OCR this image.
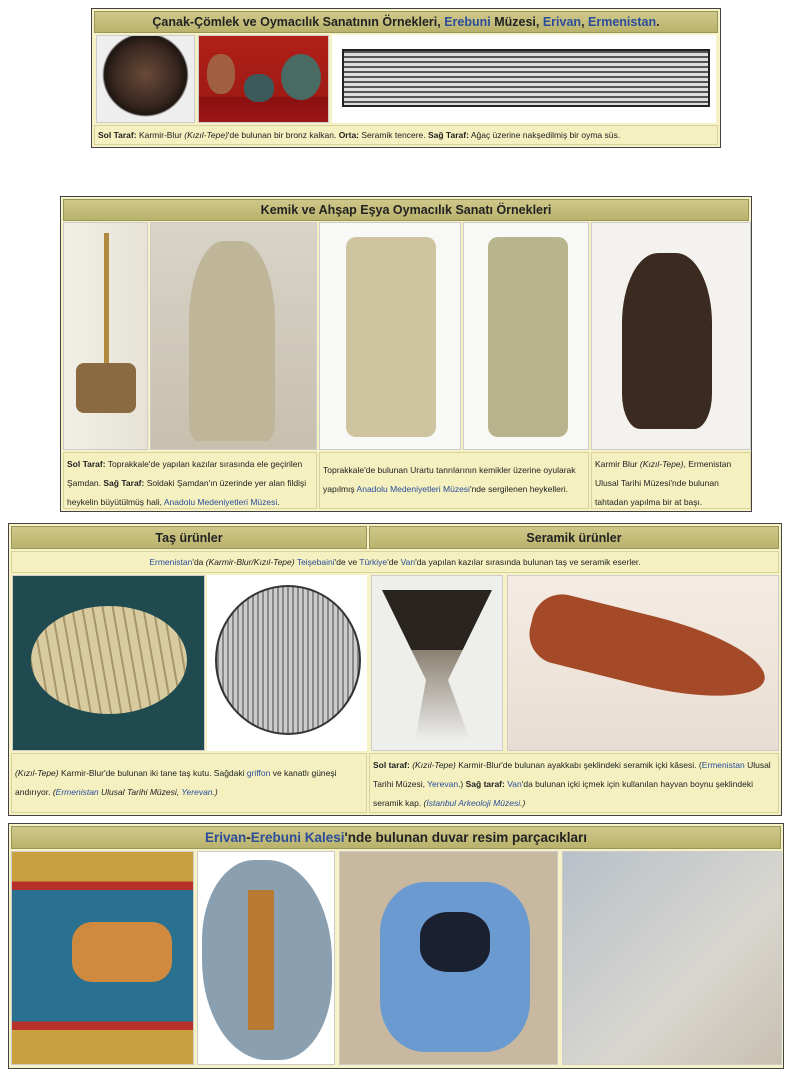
Çanak-Çömlek ve Oymacılık Sanatının Örnekleri, Erebuni Müzesi, Erivan, Ermenistan.
Sol Taraf: Karmir-Blur (Kızıl-Tepe)'de bulunan bir bronz kalkan. Orta: Seramik tencere. Sağ Taraf: Ağaç üzerine nakşedilmiş bir oyma süs.
Kemik ve Ahşap Eşya Oymacılık Sanatı Örnekleri
Sol Taraf: Toprakkale'de yapılan kazılar sırasında ele geçirilen Şamdan. Sağ Taraf: Soldaki Şamdan'ın üzerinde yer alan fildişi heykelin büyütülmüş hali, Anadolu Medeniyetleri Müzesi.
Toprakkale'de bulunan Urartu tanrılarının kemikler üzerine oyularak yapılmış Anadolu Medeniyetleri Müzesi'nde sergilenen heykelleri.
Karmir Blur (Kızıl-Tepe), Ermenistan Ulusal Tarihi Müzesi'nde bulunan tahtadan yapılma bir at başı.
Taş ürünler	Seramik ürünler
Ermenistan'da (Karmir-Blur/Kızıl-Tepe) Teişebaini'de ve Türkiye'de Van'da yapılan kazılar sırasında bulunan taş ve seramik eserler.
(Kızıl-Tepe) Karmir-Blur'de bulunan iki tane taş kutu. Sağdaki griffon ve kanatlı güneşi andırıyor. (Ermenistan Ulusal Tarihi Müzesi, Yerevan.)
Sol taraf: (Kızıl-Tepe) Karmir-Blur'de bulunan ayakkabı şeklindeki seramik içki kâsesi. (Ermenistan Ulusal Tarihi Müzesi, Yerevan.) Sağ taraf: Van'da bulunan içki içmek için kullanılan hayvan boynu şeklindeki seramik kap. (İstanbul Arkeoloji Müzesi.)
Erivan-Erebuni Kalesi'nde bulunan duvar resim parçacıkları
